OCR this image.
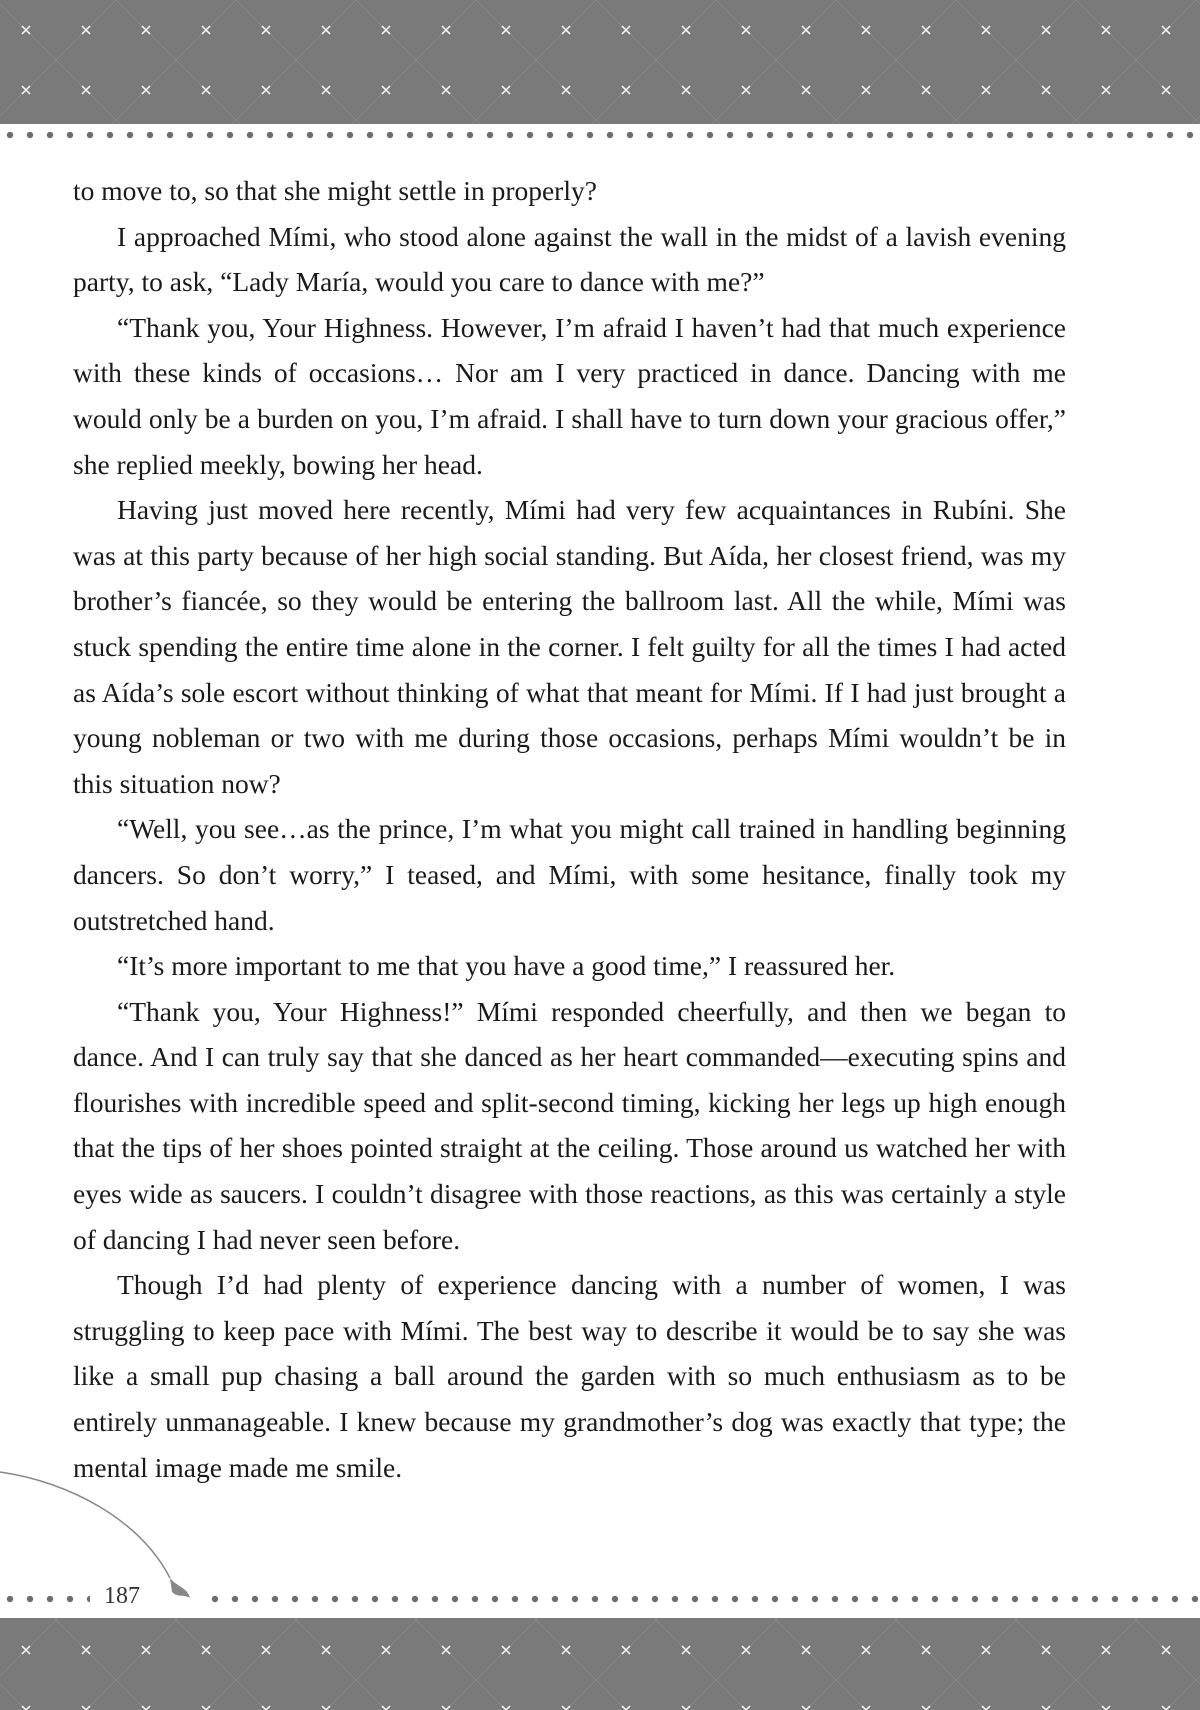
to move to, so that she might settle in properly?

I approached Mími, who stood alone against the wall in the midst of a lavish evening party, to ask, “Lady María, would you care to dance with me?”

“Thank you, Your Highness. However, I’m afraid I haven’t had that much experience with these kinds of occasions… Nor am I very practiced in dance. Dancing with me would only be a burden on you, I’m afraid. I shall have to turn down your gracious offer,” she replied meekly, bowing her head.

Having just moved here recently, Mími had very few acquaintances in Rubíni. She was at this party because of her high social standing. But Aída, her closest friend, was my brother’s fiancée, so they would be entering the ballroom last. All the while, Mími was stuck spending the entire time alone in the corner. I felt guilty for all the times I had acted as Aída’s sole escort without thinking of what that meant for Mími. If I had just brought a young nobleman or two with me during those occasions, perhaps Mími wouldn’t be in this situation now?

“Well, you see…as the prince, I’m what you might call trained in handling beginning dancers. So don’t worry,” I teased, and Mími, with some hesitance, finally took my outstretched hand.

“It’s more important to me that you have a good time,” I reassured her.

“Thank you, Your Highness!” Mími responded cheerfully, and then we began to dance. And I can truly say that she danced as her heart commanded—executing spins and flourishes with incredible speed and split-second timing, kicking her legs up high enough that the tips of her shoes pointed straight at the ceiling. Those around us watched her with eyes wide as saucers. I couldn’t disagree with those reactions, as this was certainly a style of dancing I had never seen before.

Though I’d had plenty of experience dancing with a number of women, I was struggling to keep pace with Mími. The best way to describe it would be to say she was like a small pup chasing a ball around the garden with so much enthusiasm as to be entirely unmanageable. I knew because my grandmother’s dog was exactly that type; the mental image made me smile.

187
